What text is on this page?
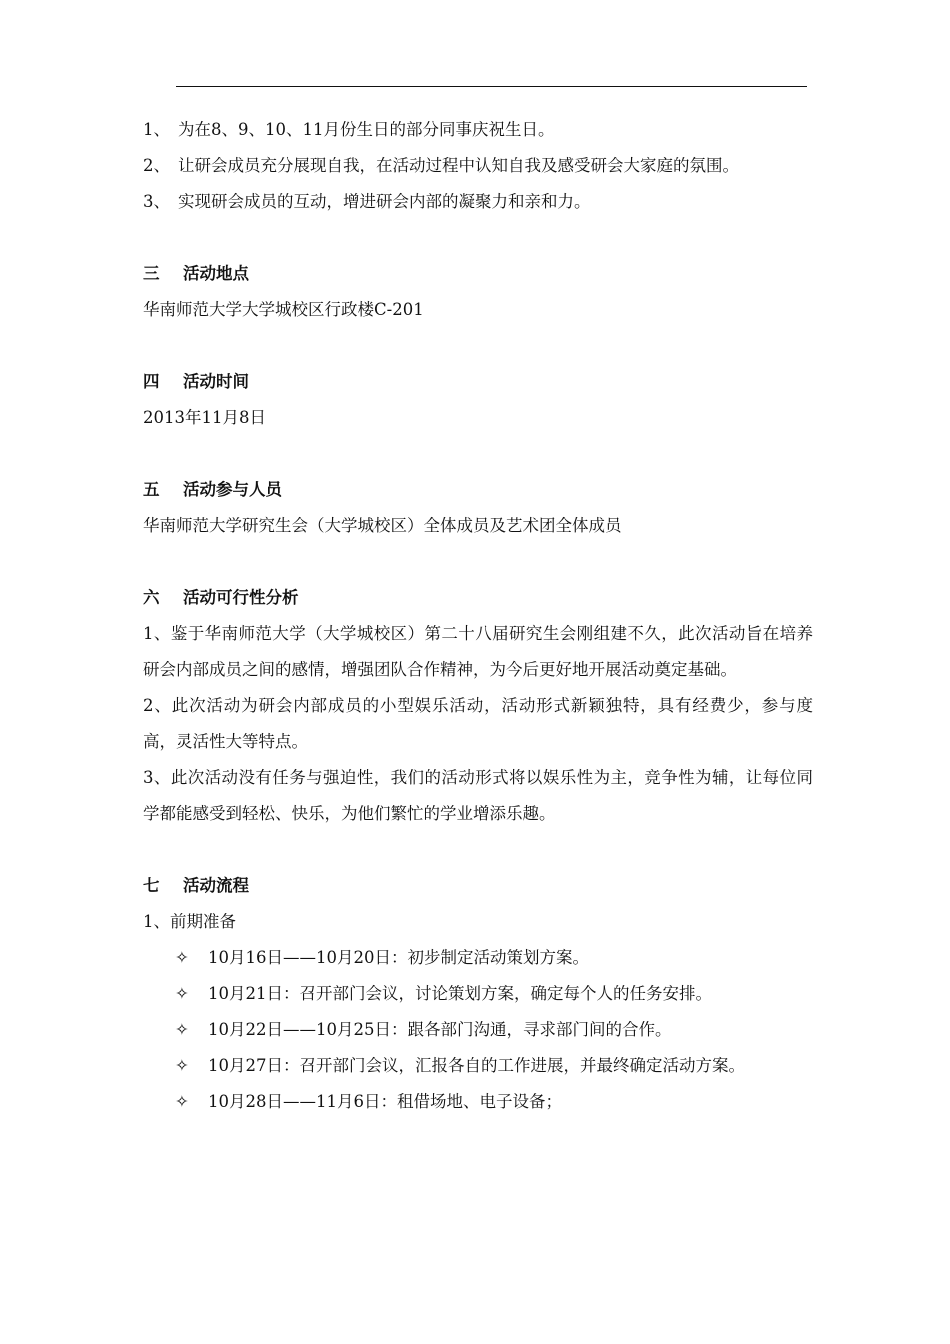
1、 为在8、9、10、11月份生日的部分同事庆祝生日。
2、 让研会成员充分展现自我，在活动过程中认知自我及感受研会大家庭的氛围。
3、 实现研会成员的互动，增进研会内部的凝聚力和亲和力。
三 活动地点
华南师范大学大学城校区行政楼C-201
四 活动时间
2013年11月8日
五 活动参与人员
华南师范大学研究生会（大学城校区）全体成员及艺术团全体成员
六 活动可行性分析
1、鉴于华南师范大学（大学城校区）第二十八届研究生会刚组建不久，此次活动旨在培养研会内部成员之间的感情，增强团队合作精神，为今后更好地开展活动奠定基础。
2、此次活动为研会内部成员的小型娱乐活动，活动形式新颖独特，具有经费少，参与度高，灵活性大等特点。
3、此次活动没有任务与强迫性，我们的活动形式将以娱乐性为主，竞争性为辅，让每位同学都能感受到轻松、快乐，为他们繁忙的学业增添乐趣。
七 活动流程
1、前期准备
✧ 10月16日——10月20日：初步制定活动策划方案。
✧ 10月21日：召开部门会议，讨论策划方案，确定每个人的任务安排。
✧ 10月22日——10月25日：跟各部门沟通，寻求部门间的合作。
✧ 10月27日：召开部门会议，汇报各自的工作进展，并最终确定活动方案。
✧ 10月28日——11月6日：租借场地、电子设备；
